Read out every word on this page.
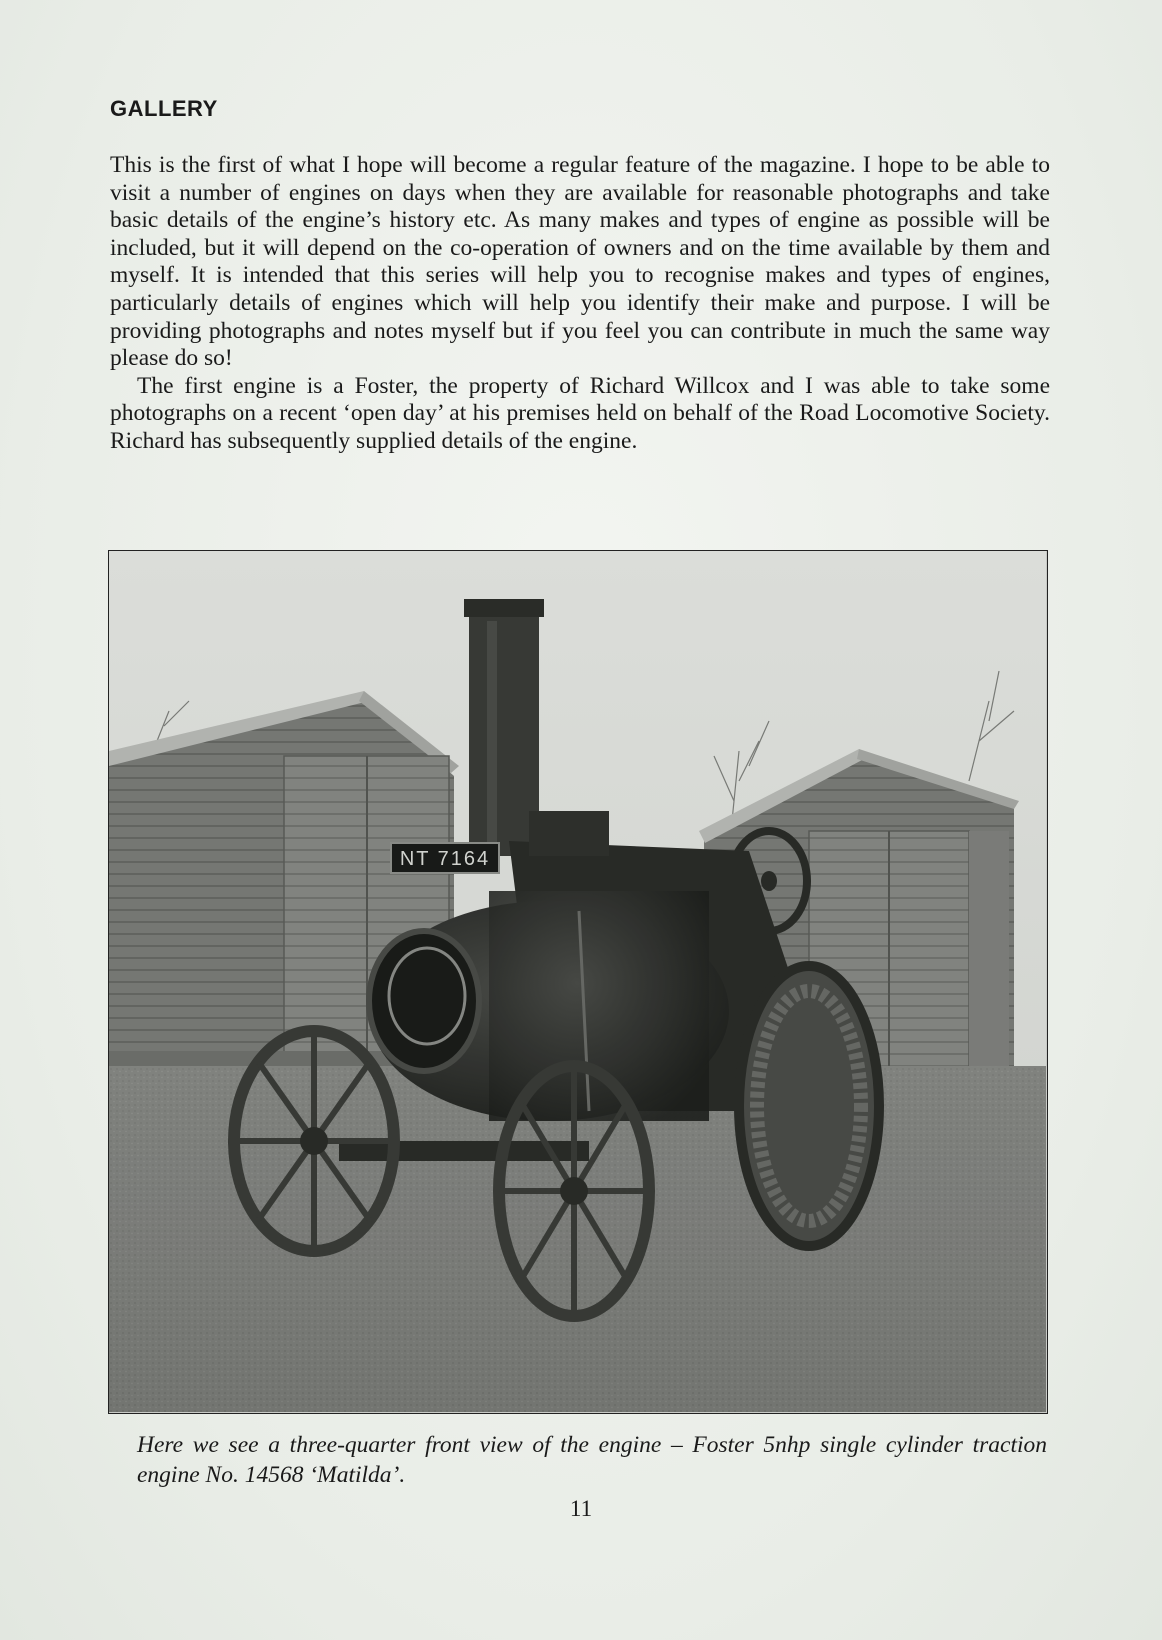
GALLERY

This is the first of what I hope will become a regular feature of the magazine. I hope to be able to visit a number of engines on days when they are available for reasonable photographs and take basic details of the engine’s history etc. As many makes and types of engine as possible will be included, but it will depend on the co-operation of owners and on the time available by them and myself. It is intended that this series will help you to recognise makes and types of engines, particularly details of engines which will help you identify their make and purpose. I will be providing photographs and notes myself but if you feel you can contribute in much the same way please do so!

The first engine is a Foster, the property of Richard Willcox and I was able to take some photographs on a recent ‘open day’ at his premises held on behalf of the Road Locomotive Society. Richard has subsequently supplied details of the engine.

NT 7164
Here we see a three-quarter front view of the engine – Foster 5nhp single cylinder traction engine No. 14568 ‘Matilda’.
11
